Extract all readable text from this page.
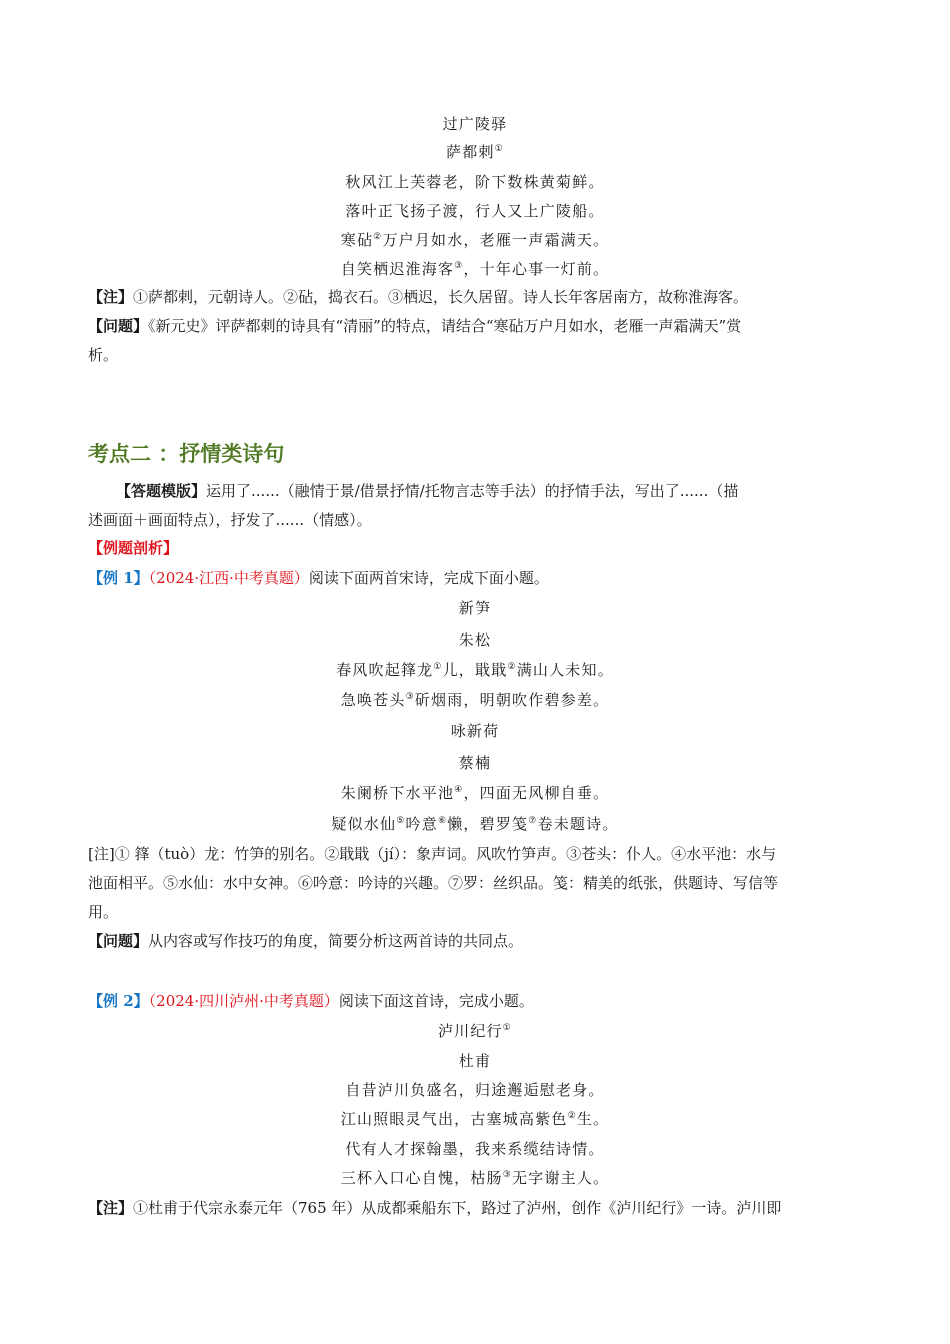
过广陵驿
萨都剌①
秋风江上芙蓉老，阶下数株黄菊鲜。
落叶正飞扬子渡，行人又上广陵船。
寒砧②万户月如水，老雁一声霜满天。
自笑栖迟淮海客③，十年心事一灯前。
【注】①萨都剌，元朝诗人。②砧，捣衣石。③栖迟，长久居留。诗人长年客居南方，故称淮海客。
【问题】《新元史》评萨都剌的诗具有“清丽”的特点，请结合“寒砧万户月如水，老雁一声霜满天”赏
析。
考点二 ：抒情类诗句
【答题模版】运用了......（融情于景/借景抒情/托物言志等手法）的抒情手法，写出了......（描
述画面＋画面特点），抒发了......（情感）。
【例题剖析】
【例 1】（2024·江西·中考真题）阅读下面两首宋诗，完成下面小题。
新笋
朱松
春风吹起箨龙①儿，戢戢②满山人未知。
急唤苍头③斫烟雨，明朝吹作碧参差。
咏新荷
蔡楠
朱阑桥下水平池④，四面无风柳自垂。
疑似水仙⑤吟意⑥懒，碧罗笺⑦卷未题诗。
[注]① 箨（tuò）龙：竹笋的别名。②戢戢（jí）：象声词。风吹竹笋声。③苍头：仆人。④水平池：水与
池面相平。⑤水仙：水中女神。⑥吟意：吟诗的兴趣。⑦罗：丝织品。笺：精美的纸张，供题诗、写信等
用。
【问题】从内容或写作技巧的角度，简要分析这两首诗的共同点。
【例 2】（2024·四川泸州·中考真题）阅读下面这首诗，完成小题。
泸川纪行①
杜甫
自昔泸川负盛名，归途邂逅慰老身。
江山照眼灵气出，古塞城高紫色②生。
代有人才探翰墨，我来系缆结诗情。
三杯入口心自愧，枯肠③无字谢主人。
【注】①杜甫于代宗永泰元年（765 年）从成都乘船东下，路过了泸州，创作《泸川纪行》一诗。泸川即
